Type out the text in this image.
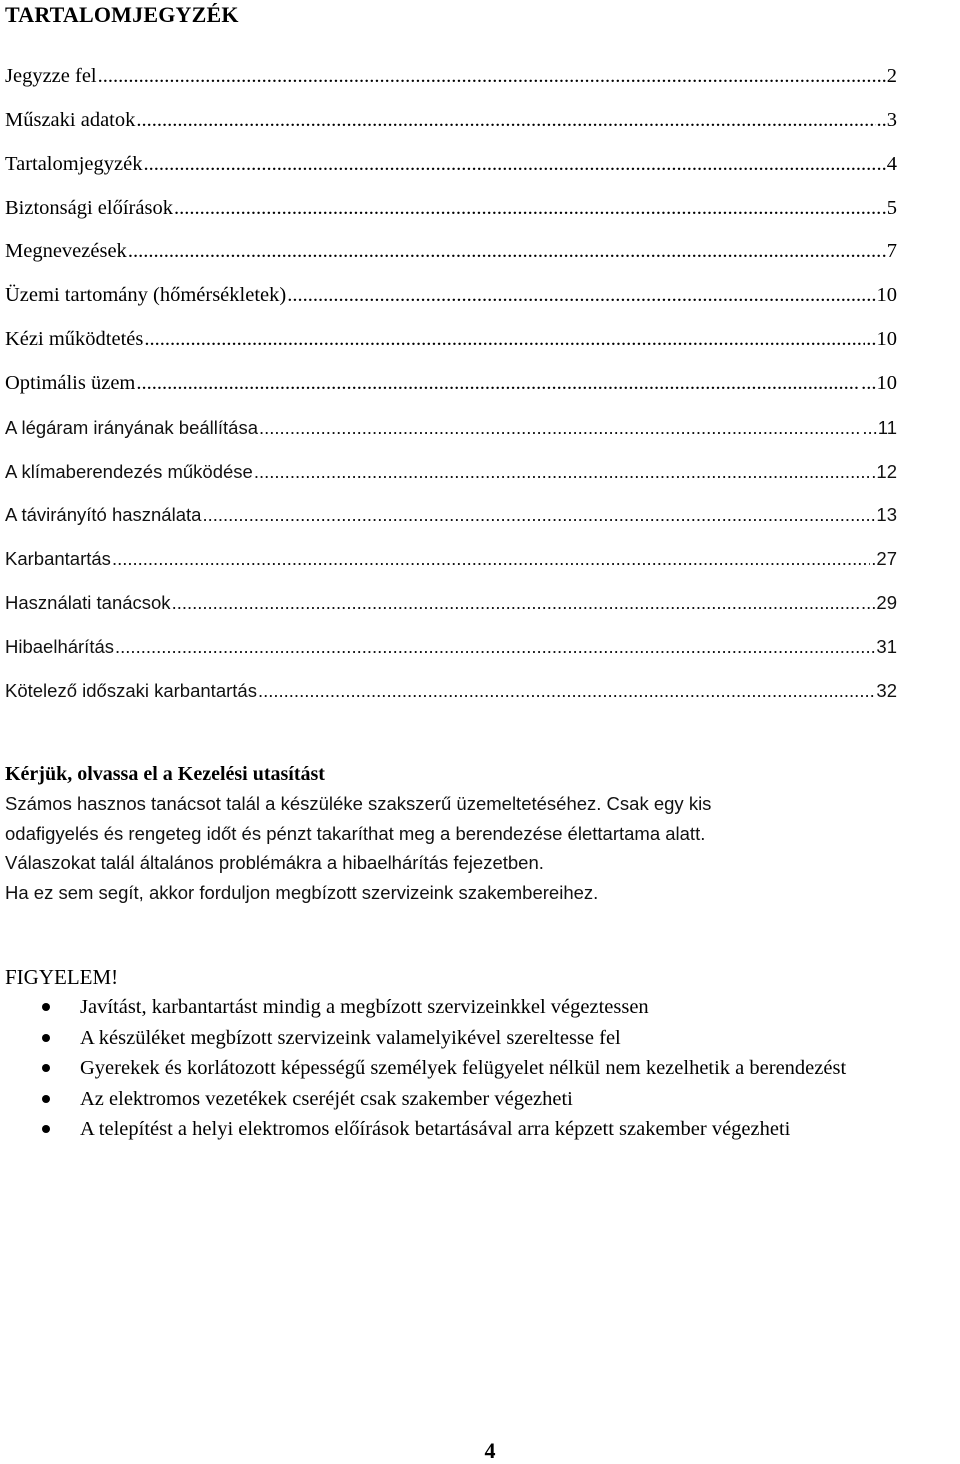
TARTALOMJEGYZÉK
Jegyzze fel .....	.2
Műszaki adatok .....	..3
Tartalomjegyzék .....	..4
Biztonsági előírások .....	.5
Megnevezések .....	.7
Üzemi tartomány (hőmérsékletek) .....	......10
Kézi működtetés .....	..10
Optimális üzem .....	...10
A légáram irányának beállítása .....	...11
A klímaberendezés működése .....	.12
A távirányító használata .....	13
Karbantartás .....	.27
Használati tanácsok .....	...29
Hibaelhárítás .....	31
Kötelező időszaki karbantartás .....	32
Kérjük, olvassa el a Kezelési utasítást
Számos hasznos tanácsot talál a készüléke szakszerű üzemeltetéséhez. Csak egy kis
odafigyelés és rengeteg időt és pénzt takaríthat meg a berendezése élettartama alatt.
Válaszokat talál általános problémákra a hibaelhárítás fejezetben.
Ha ez sem segít, akkor forduljon megbízott szervizeink szakembereihez.
FIGYELEM!
Javítást, karbantartást mindig a megbízott szervizeinkkel végeztessen
A készüléket megbízott szervizeink valamelyikével szereltesse fel
Gyerekek és korlátozott képességű személyek felügyelet nélkül nem kezelhetik a berendezést
Az elektromos vezetékek cseréjét csak szakember végezheti
A telepítést a helyi elektromos előírások betartásával arra képzett szakember végezheti
4
